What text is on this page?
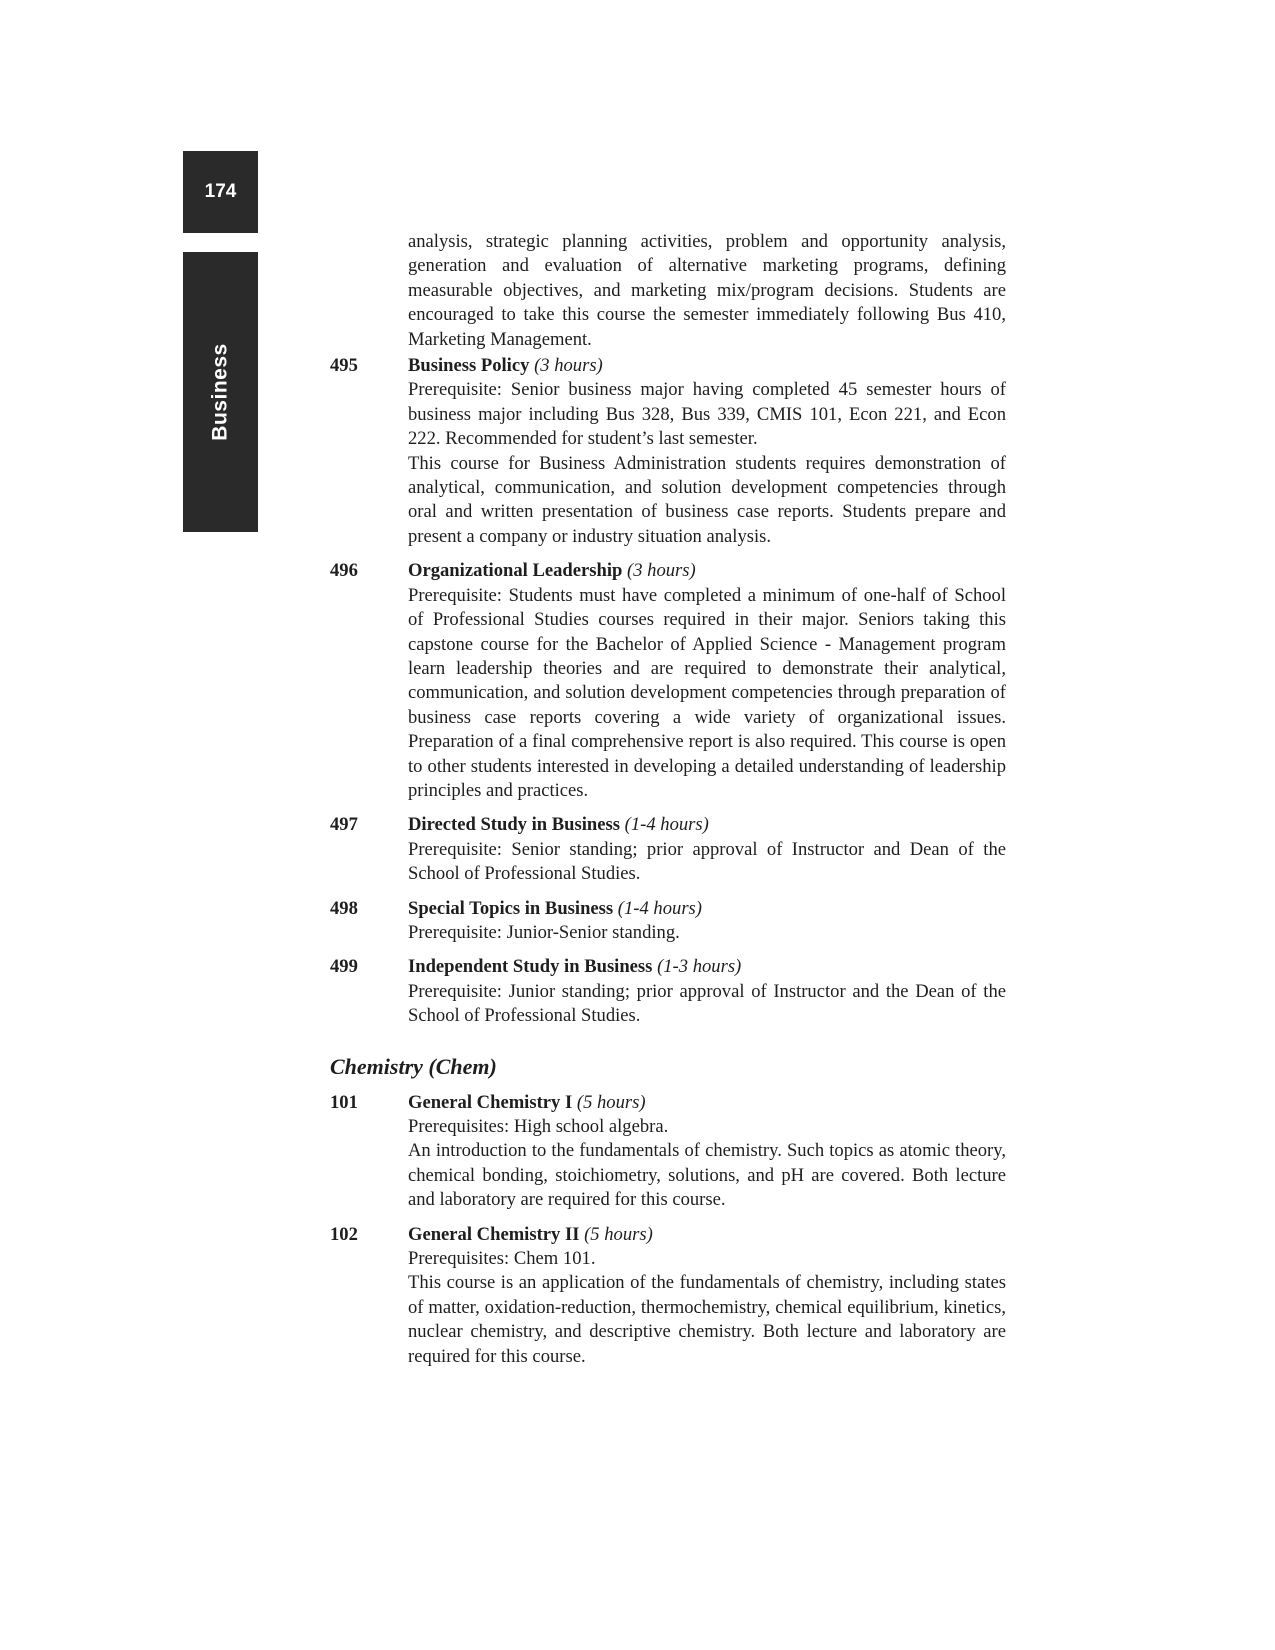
174
Business

analysis, strategic planning activities, problem and opportunity analysis, generation and evaluation of alternative marketing programs, defining measurable objectives, and marketing mix/program decisions. Students are encouraged to take this course the semester immediately following Bus 410, Marketing Management.

495	Business Policy (3 hours)

Prerequisite: Senior business major having completed 45 semester hours of business major including Bus 328, Bus 339, CMIS 101, Econ 221, and Econ 222. Recommended for student’s last semester.

This course for Business Administration students requires demonstration of analytical, communication, and solution development competencies through oral and written presentation of business case reports. Students prepare and present a company or industry situation analysis.

496	Organizational Leadership (3 hours)

Prerequisite: Students must have completed a minimum of one-half of School of Professional Studies courses required in their major. Seniors taking this capstone course for the Bachelor of Applied Science - Management program learn leadership theories and are required to demonstrate their analytical, communication, and solution development competencies through preparation of business case reports covering a wide variety of organizational issues. Preparation of a final comprehensive report is also required. This course is open to other students interested in developing a detailed understanding of leadership principles and practices.

497	Directed Study in Business (1-4 hours)

Prerequisite: Senior standing; prior approval of Instructor and Dean of the School of Professional Studies.

498	Special Topics in Business (1-4 hours)

Prerequisite: Junior-Senior standing.

499	Independent Study in Business (1-3 hours)

Prerequisite: Junior standing; prior approval of Instructor and the Dean of the School of Professional Studies.

Chemistry (Chem)
101	General Chemistry I (5 hours)

Prerequisites: High school algebra.

An introduction to the fundamentals of chemistry. Such topics as atomic theory, chemical bonding, stoichiometry, solutions, and pH are covered. Both lecture and laboratory are required for this course.

102	General Chemistry II (5 hours)

Prerequisites: Chem 101.

This course is an application of the fundamentals of chemistry, including states of matter, oxidation-reduction, thermochemistry, chemical equilibrium, kinetics, nuclear chemistry, and descriptive chemistry. Both lecture and laboratory are required for this course.
